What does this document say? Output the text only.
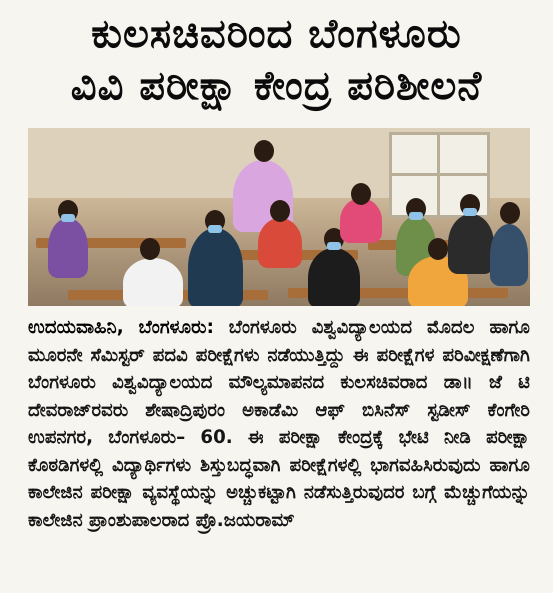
ಕುಲಸಚಿವರಿಂದ ಬೆಂಗಳೂರು
ವಿವಿ ಪರೀಕ್ಷಾ ಕೇಂದ್ರ ಪರಿಶೀಲನೆ
ಉದಯವಾಹಿನಿ, ಬೆಂಗಳೂರು: ಬೆಂಗಳೂರು ವಿಶ್ವವಿದ್ಯಾಲಯದ ಮೊದಲ ಹಾಗೂ ಮೂರನೇ ಸೆಮಿಸ್ಟರ್ ಪದವಿ ಪರೀಕ್ಷೆಗಳು ನಡೆಯುತ್ತಿದ್ದು ಈ ಪರೀಕ್ಷೆಗಳ ಪರಿವೀಕ್ಷಣೆಗಾಗಿ ಬೆಂಗಳೂರು ವಿಶ್ವವಿದ್ಯಾಲಯದ ಮೌಲ್ಯಮಾಪನದ ಕುಲಸಚಿವರಾದ ಡಾ॥ ಜೆ ಟಿ ದೇವರಾಜ್‌ರವರು ಶೇಷಾದ್ರಿಪುರಂ ಅಕಾಡೆಮಿ ಆಫ್ ಬಿಸಿನೆಸ್ ಸ್ಟಡೀಸ್ ಕೆಂಗೇರಿ ಉಪನಗರ, ಬೆಂಗಳೂರು– 60. ಈ ಪರೀಕ್ಷಾ ಕೇಂದ್ರಕ್ಕೆ ಭೇಟಿ ನೀಡಿ ಪರೀಕ್ಷಾ ಕೊಠಡಿಗಳಲ್ಲಿ ವಿದ್ಯಾರ್ಥಿಗಳು ಶಿಸ್ತುಬದ್ಧವಾಗಿ ಪರೀಕ್ಷೆಗಳಲ್ಲಿ ಭಾಗವಹಿಸಿರುವುದು ಹಾಗೂ ಕಾಲೇಜಿನ ಪರೀಕ್ಷಾ ವ್ಯವಸ್ಥೆಯನ್ನು ಅಚ್ಚುಕಟ್ಟಾಗಿ ನಡೆಸುತ್ತಿರುವುದರ ಬಗ್ಗೆ ಮೆಚ್ಚುಗೆಯನ್ನು ಕಾಲೇಜಿನ ಪ್ರಾಂಶುಪಾಲರಾದ ಪ್ರೊ.ಜಯರಾಮ್
